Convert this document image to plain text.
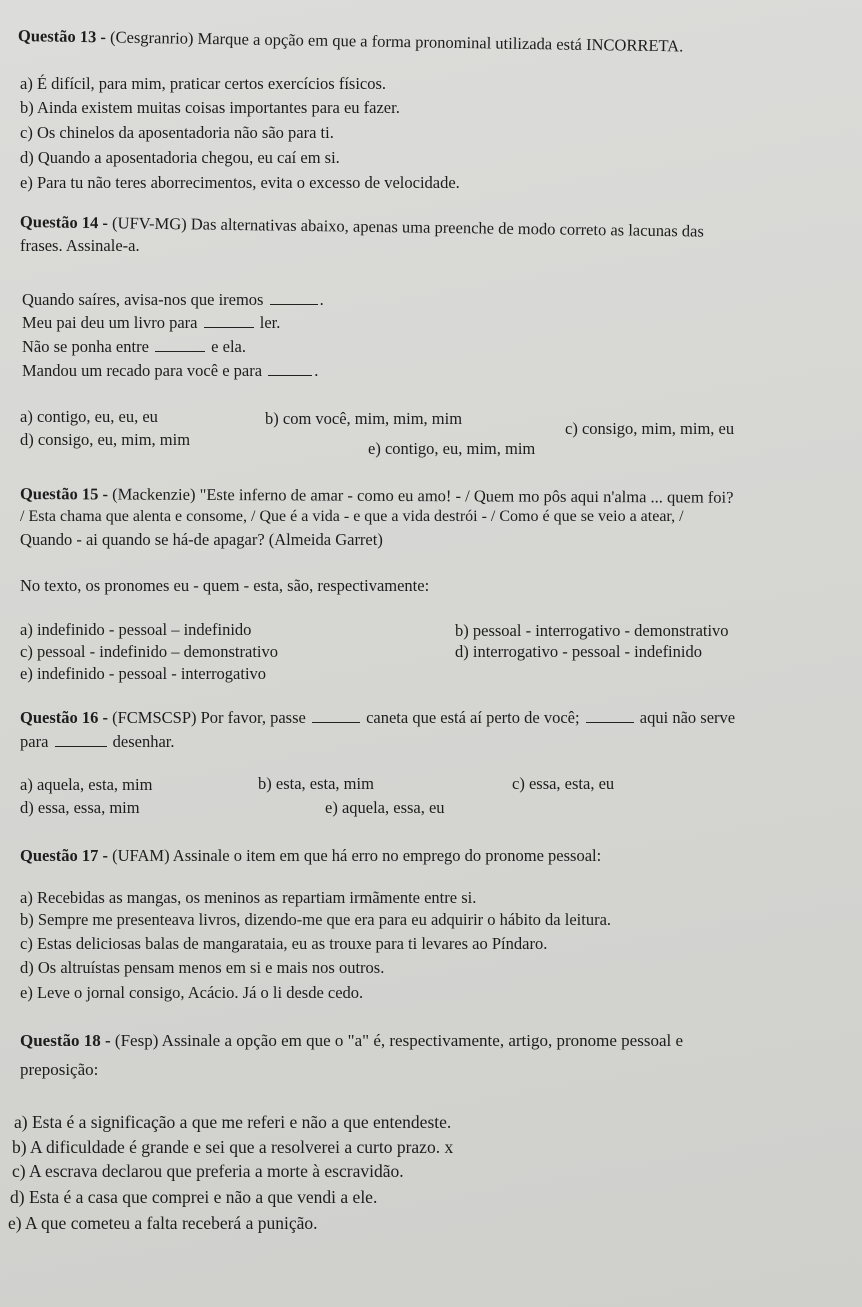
Questão 13 - (Cesgranrio) Marque a opção em que a forma pronominal utilizada está INCORRETA.
a) É difícil, para mim, praticar certos exercícios físicos.
b) Ainda existem muitas coisas importantes para eu fazer.
c) Os chinelos da aposentadoria não são para ti.
d) Quando a aposentadoria chegou, eu caí em si.
e) Para tu não teres aborrecimentos, evita o excesso de velocidade.
Questão 14 - (UFV-MG) Das alternativas abaixo, apenas uma preenche de modo correto as lacunas das
frases. Assinale-a.
Quando saíres, avisa-nos que iremos	.
Meu pai deu um livro para	ler.
Não se ponha entre	e ela.
Mandou um recado para você e para	.
a) contigo, eu, eu, eu	b) com você, mim, mim, mim
c) consigo, mim, mim, eu
d) consigo, eu, mim, mim	e) contigo, eu, mim, mim
Questão 15 - (Mackenzie) "Este inferno de amar - como eu amo! - / Quem mo pôs aqui n'alma ... quem foi?
/ Esta chama que alenta e consome, / Que é a vida - e que a vida destrói - / Como é que se veio a atear, /
Quando - ai quando se há-de apagar? (Almeida Garret)
No texto, os pronomes eu - quem - esta, são, respectivamente:
a) indefinido - pessoal – indefinido	b) pessoal - interrogativo - demonstrativo
c) pessoal - indefinido – demonstrativo	d) interrogativo - pessoal - indefinido
e) indefinido - pessoal - interrogativo
Questão 16 - (FCMSCSP) Por favor, passe	caneta que está aí perto de você;	aqui não serve
para	desenhar.
a) aquela, esta, mim	b) esta, esta, mim	c) essa, esta, eu
d) essa, essa, mim	e) aquela, essa, eu
Questão 17 - (UFAM) Assinale o item em que há erro no emprego do pronome pessoal:
a) Recebidas as mangas, os meninos as repartiam irmãmente entre si.
b) Sempre me presenteava livros, dizendo-me que era para eu adquirir o hábito da leitura.
c) Estas deliciosas balas de mangarataia, eu as trouxe para ti levares ao Píndaro.
d) Os altruístas pensam menos em si e mais nos outros.
e) Leve o jornal consigo, Acácio. Já o li desde cedo.
Questão 18 - (Fesp) Assinale a opção em que o "a" é, respectivamente, artigo, pronome pessoal e
preposição:
a) Esta é a significação a que me referi e não a que entendeste.
b) A dificuldade é grande e sei que a resolverei a curto prazo. x
c) A escrava declarou que preferia a morte à escravidão.
d) Esta é a casa que comprei e não a que vendi a ele.
e) A que cometeu a falta receberá a punição.
